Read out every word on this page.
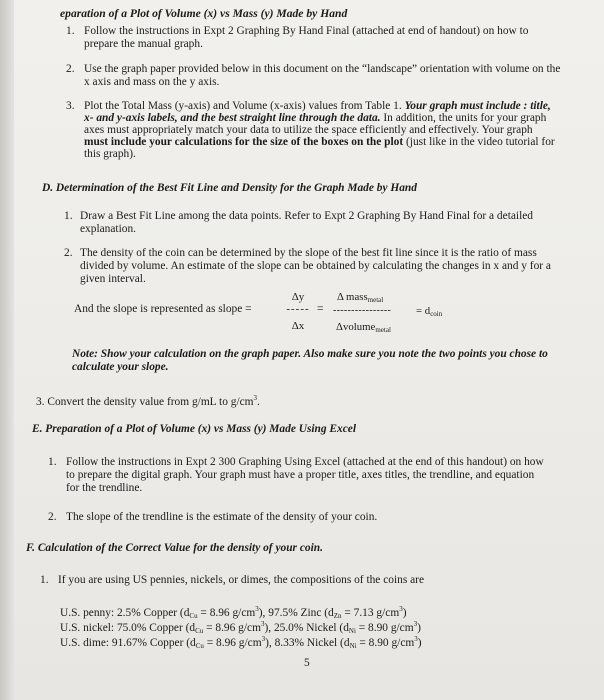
eparation of a Plot of Volume (x) vs Mass (y) Made by Hand
1. Follow the instructions in Expt 2 Graphing By Hand Final (attached at end of handout) on how to
prepare the manual graph.
2. Use the graph paper provided below in this document on the “landscape” orientation with volume on the
x axis and mass on the y axis.
3. Plot the Total Mass (y-axis) and Volume (x-axis) values from Table 1. Your graph must include : title,
x- and y-axis labels, and the best straight line through the data. In addition, the units for your graph
axes must appropriately match your data to utilize the space efficiently and effectively. Your graph
must include your calculations for the size of the boxes on the plot (just like in the video tutorial for
this graph).
D. Determination of the Best Fit Line and Density for the Graph Made by Hand
1. Draw a Best Fit Line among the data points. Refer to Expt 2 Graphing By Hand Final for a detailed
explanation.
2. The density of the coin can be determined by the slope of the best fit line since it is the ratio of mass
divided by volume. An estimate of the slope can be obtained by calculating the changes in x and y for a
given interval.
And the slope is represented as slope =
Δy
-----
Δx
=
Δ mass$_{metal}$
----------------
Δvolume$_{metal}$
= $d_{coin}$
Note: Show your calculation on the graph paper. Also make sure you note the two points you chose to
calculate your slope.
3. Convert the density value from g/mL to $g/cm^3$.
E. Preparation of a Plot of Volume (x) vs Mass (y) Made Using Excel
1. Follow the instructions in Expt 2 300 Graphing Using Excel (attached at the end of this handout) on how
to prepare the digital graph. Your graph must have a proper title, axes titles, the trendline, and equation
for the trendline.
2. The slope of the trendline is the estimate of the density of your coin.
F. Calculation of the Correct Value for the density of your coin.
1. If you are using US pennies, nickels, or dimes, the compositions of the coins are
U.S. penny: 2.5% Copper ($d_{Cu} = 8.96$ $g/cm^3$), 97.5% Zinc ($d_{Zn} = 7.13$ $g/cm^3$)
U.S. nickel: 75.0% Copper ($d_{Cu} = 8.96$ $g/cm^3$), 25.0% Nickel ($d_{Ni} = 8.90$ $g/cm^3$)
U.S. dime: 91.67% Copper ($d_{Cu} = 8.96$ $g/cm^3$), 8.33% Nickel ($d_{Ni} = 8.90$ $g/cm^3$)
5
